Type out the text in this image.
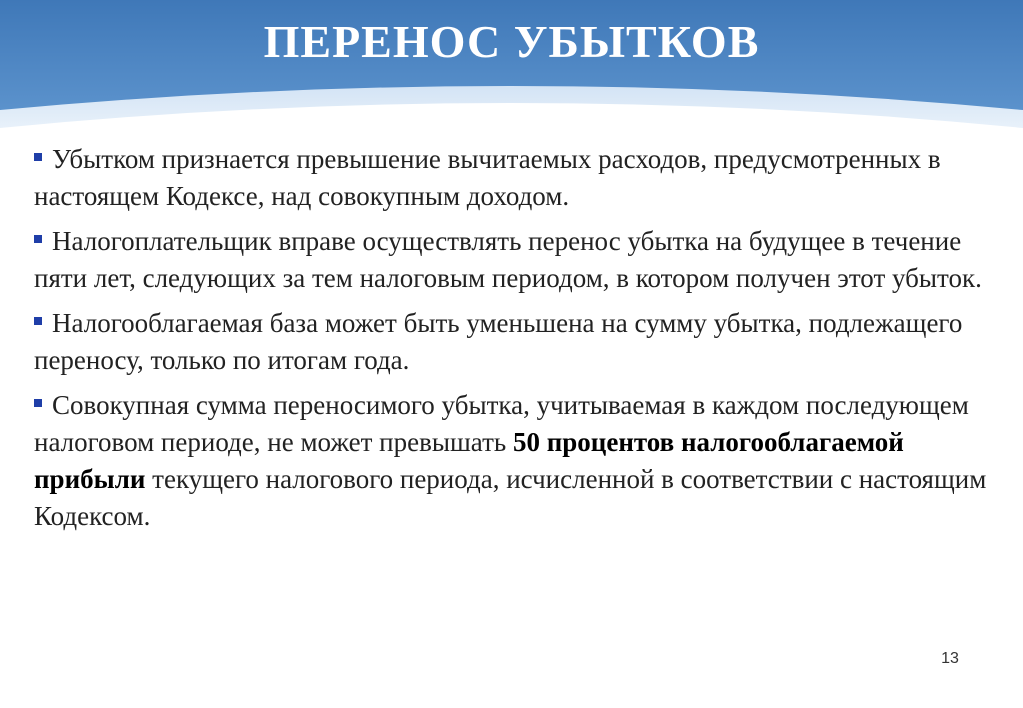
ПЕРЕНОС УБЫТКОВ
Убытком признается превышение вычитаемых расходов, предусмотренных в настоящем Кодексе, над совокупным доходом.
Налогоплательщик вправе осуществлять перенос убытка на будущее в течение пяти лет, следующих за тем налоговым периодом, в котором получен этот убыток.
Налогооблагаемая база может быть уменьшена на сумму убытка, подлежащего переносу, только по итогам года.
Совокупная сумма переносимого убытка, учитываемая в каждом последующем налоговом периоде, не может превышать 50 процентов налогооблагаемой прибыли текущего налогового периода, исчисленной в соответствии с настоящим Кодексом.
13
